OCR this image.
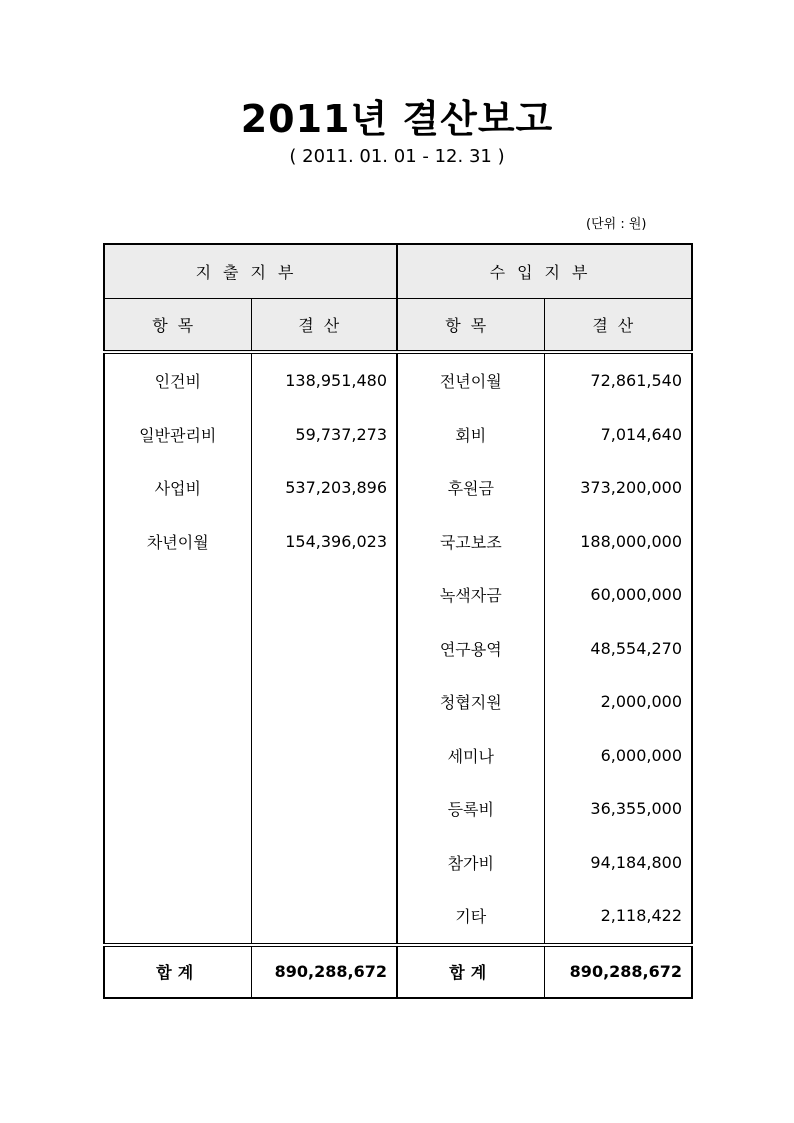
2011년 결산보고
( 2011. 01. 01 - 12. 31 )
(단위 : 원)
지출지부		수입지부	
항목	결산	항목	결산
인건비	138,951,480	전년이월	72,861,540
일반관리비	59,737,273	회비	7,014,640
사업비	537,203,896	후원금	373,200,000
차년이월	154,396,023	국고보조	188,000,000
		녹색자금	60,000,000
		연구용역	48,554,270
		청협지원	2,000,000
		세미나	6,000,000
		등록비	36,355,000
		참가비	94,184,800
		기타	2,118,422
합계	890,288,672	합계	890,288,672
